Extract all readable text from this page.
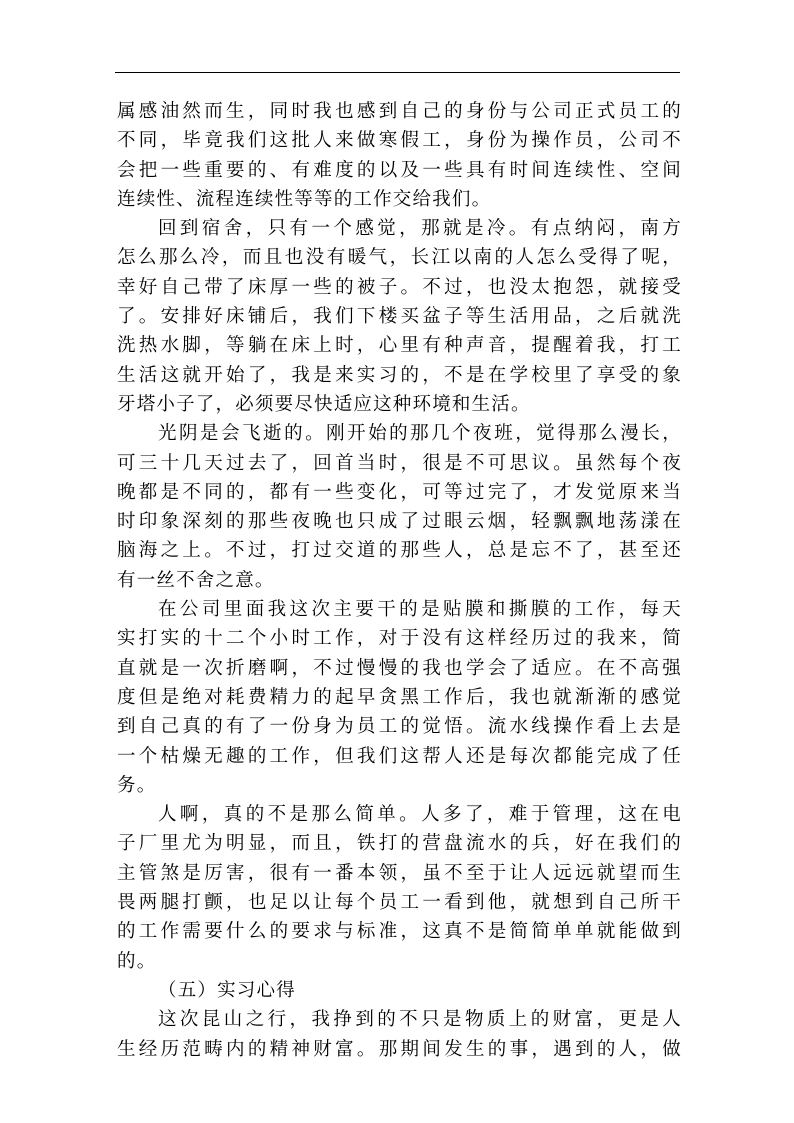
属感油然而生，同时我也感到自己的身份与公司正式员工的
不同，毕竟我们这批人来做寒假工，身份为操作员，公司不
会把一些重要的、有难度的以及一些具有时间连续性、空间
连续性、流程连续性等等的工作交给我们。
回到宿舍，只有一个感觉，那就是冷。有点纳闷，南方
怎么那么冷，而且也没有暖气，长江以南的人怎么受得了呢，
幸好自己带了床厚一些的被子。不过，也没太抱怨，就接受
了。安排好床铺后，我们下楼买盆子等生活用品，之后就洗
洗热水脚，等躺在床上时，心里有种声音，提醒着我，打工
生活这就开始了，我是来实习的，不是在学校里了享受的象
牙塔小子了，必须要尽快适应这种环境和生活。
光阴是会飞逝的。刚开始的那几个夜班，觉得那么漫长，
可三十几天过去了，回首当时，很是不可思议。虽然每个夜
晚都是不同的，都有一些变化，可等过完了，才发觉原来当
时印象深刻的那些夜晚也只成了过眼云烟，轻飘飘地荡漾在
脑海之上。不过，打过交道的那些人，总是忘不了，甚至还
有一丝不舍之意。
在公司里面我这次主要干的是贴膜和撕膜的工作，每天
实打实的十二个小时工作，对于没有这样经历过的我来，简
直就是一次折磨啊，不过慢慢的我也学会了适应。在不高强
度但是绝对耗费精力的起早贪黑工作后，我也就渐渐的感觉
到自己真的有了一份身为员工的觉悟。流水线操作看上去是
一个枯燥无趣的工作，但我们这帮人还是每次都能完成了任
务。
人啊，真的不是那么简单。人多了，难于管理，这在电
子厂里尤为明显，而且，铁打的营盘流水的兵，好在我们的
主管煞是厉害，很有一番本领，虽不至于让人远远就望而生
畏两腿打颤，也足以让每个员工一看到他，就想到自己所干
的工作需要什么的要求与标准，这真不是简简单单就能做到
的。
（五）实习心得
这次昆山之行，我挣到的不只是物质上的财富，更是人
生经历范畴内的精神财富。那期间发生的事，遇到的人，做
